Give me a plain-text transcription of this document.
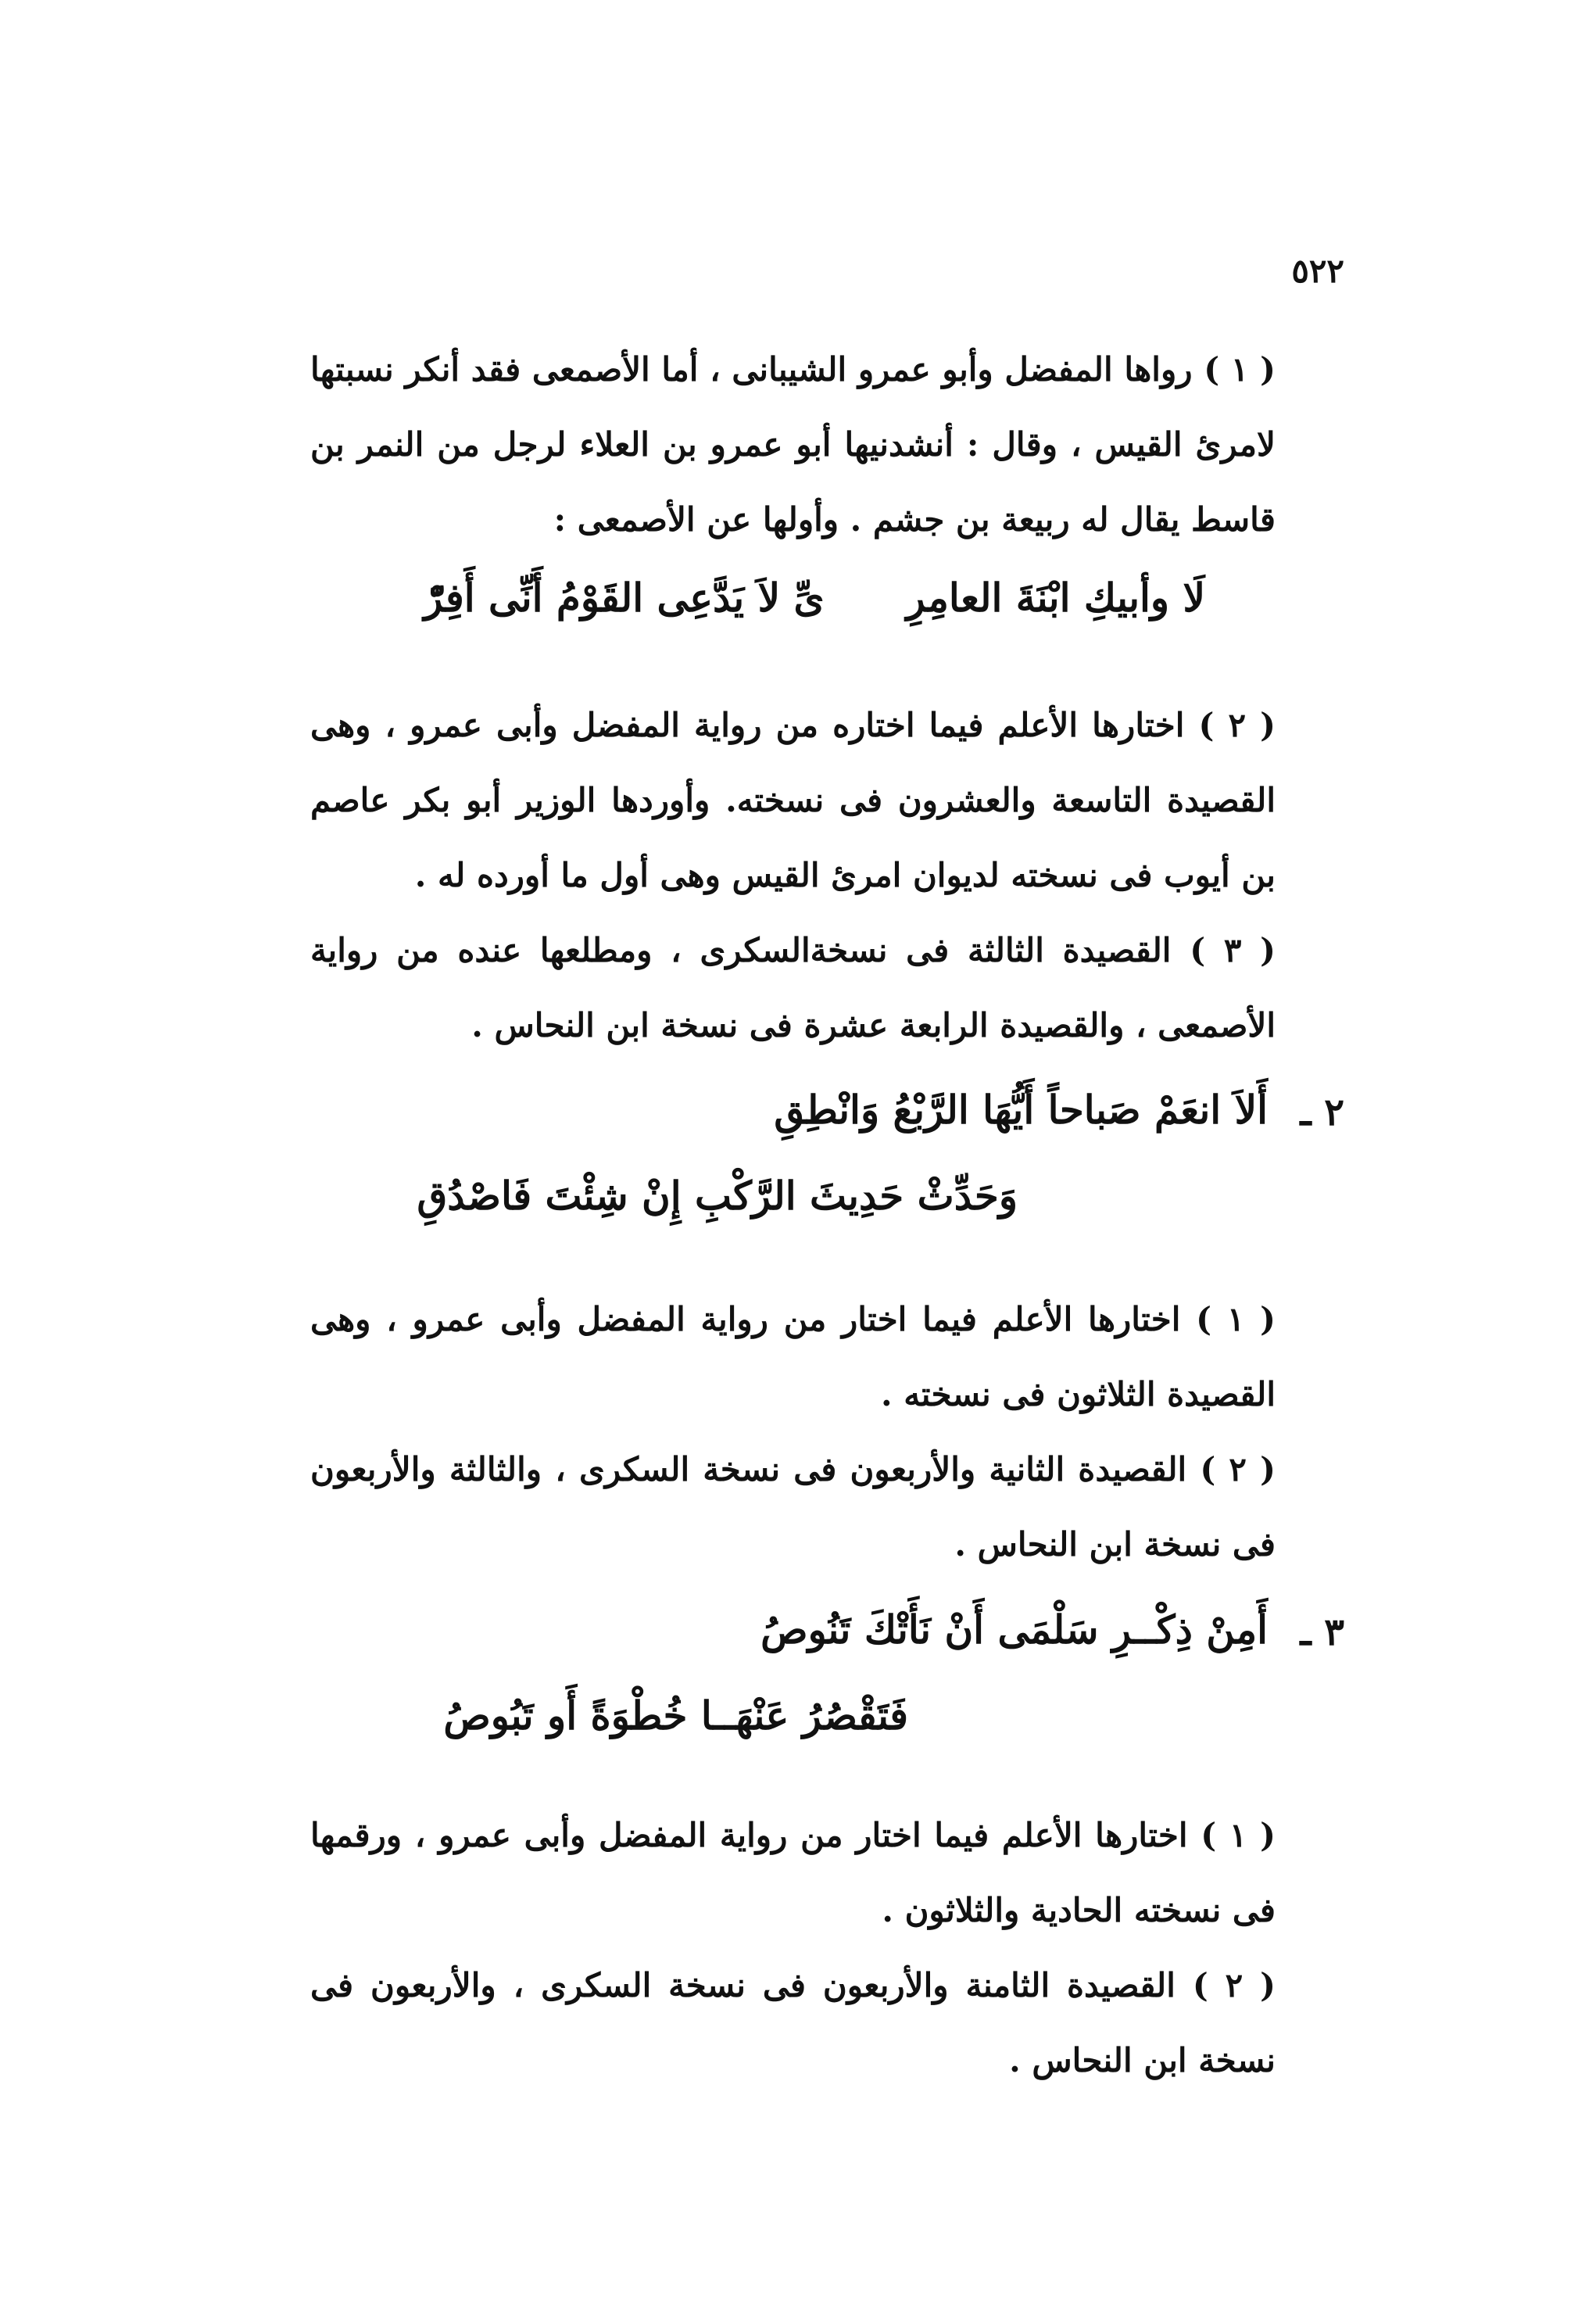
٥٢٢

( ١ ) رواها المفضل وأبو عمرو الشيبانى ، أما الأصمعى فقد أنكر نسبتها لامرئ القيس ، وقال : أنشدنيها أبو عمرو بن العلاء لرجل من النمر بن قاسط يقال له ربيعة بن جشم . وأولها عن الأصمعى :

لَا وأبيكِ ابْنَةَ العامِرِ  ىِّ لاَ يَدَّعِى القَوْمُ أَنِّى أَفِرّْ

( ٢ ) اختارها الأعلم فيما اختاره من رواية المفضل وأبى عمرو ، وهى القصيدة التاسعة والعشرون فى نسخته. وأوردها الوزير أبو بكر عاصم بن أيوب فى نسخته لديوان امرئ القيس وهى أول ما أورده له .

( ٣ ) القصيدة الثالثة فى نسخةالسكرى ، ومطلعها عنده من رواية الأصمعى ، والقصيدة الرابعة عشرة فى نسخة ابن النحاس .

٢ ـ
أَلاَ انعَمْ صَباحاً أَيُّهَا الرَّبْعُ وَانْطِقِ
وَحَدِّثْ حَدِيثَ الرَّكْبِ إِنْ شِئْتَ فَاصْدُقِ

( ١ ) اختارها الأعلم فيما اختار من رواية المفضل وأبى عمرو ، وهى القصيدة الثلاثون فى نسخته .

( ٢ ) القصيدة الثانية والأربعون فى نسخة السكرى ، والثالثة والأربعون فى نسخة ابن النحاس .

٣ ـ
أَمِنْ ذِكْــرِ سَلْمَى أَنْ نَأَتْكَ تَنُوصُ
فَتَقْصُرُ عَنْهَــا خُطْوَةً أَو تَبُوصُ

( ١ ) اختارها الأعلم فيما اختار من رواية المفضل وأبى عمرو ، ورقمها فى نسخته الحادية والثلاثون .

( ٢ ) القصيدة الثامنة والأربعون فى نسخة السكرى ، والأربعون فى نسخة ابن النحاس .
